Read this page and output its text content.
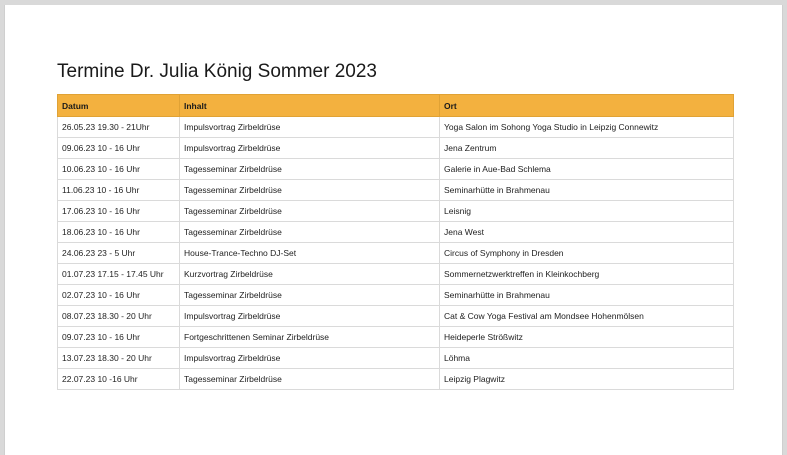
Termine Dr. Julia König Sommer 2023
Datum	Inhalt	Ort
26.05.23 19.30 - 21Uhr	Impulsvortrag Zirbeldrüse	Yoga Salon im Sohong Yoga Studio in Leipzig Connewitz
09.06.23 10 - 16 Uhr	Impulsvortrag Zirbeldrüse	Jena Zentrum
10.06.23 10 - 16 Uhr	Tagesseminar Zirbeldrüse	Galerie in Aue-Bad Schlema
11.06.23 10 - 16 Uhr	Tagesseminar Zirbeldrüse	Seminarhütte in Brahmenau
17.06.23 10 - 16 Uhr	Tagesseminar Zirbeldrüse	Leisnig
18.06.23 10 - 16 Uhr	Tagesseminar Zirbeldrüse	Jena West
24.06.23 23 - 5 Uhr	House-Trance-Techno DJ-Set	Circus of Symphony in Dresden
01.07.23 17.15 - 17.45 Uhr	Kurzvortrag Zirbeldrüse	Sommernetzwerktreffen in Kleinkochberg
02.07.23 10 - 16 Uhr	Tagesseminar Zirbeldrüse	Seminarhütte in Brahmenau
08.07.23 18.30 - 20 Uhr	Impulsvortrag Zirbeldrüse	Cat & Cow Yoga Festival am Mondsee Hohenmölsen
09.07.23 10 - 16 Uhr	Fortgeschrittenen Seminar Zirbeldrüse	Heideperle Strößwitz
13.07.23 18.30 - 20 Uhr	Impulsvortrag Zirbeldrüse	Löhma
22.07.23 10 -16 Uhr	Tagesseminar Zirbeldrüse	Leipzig Plagwitz
